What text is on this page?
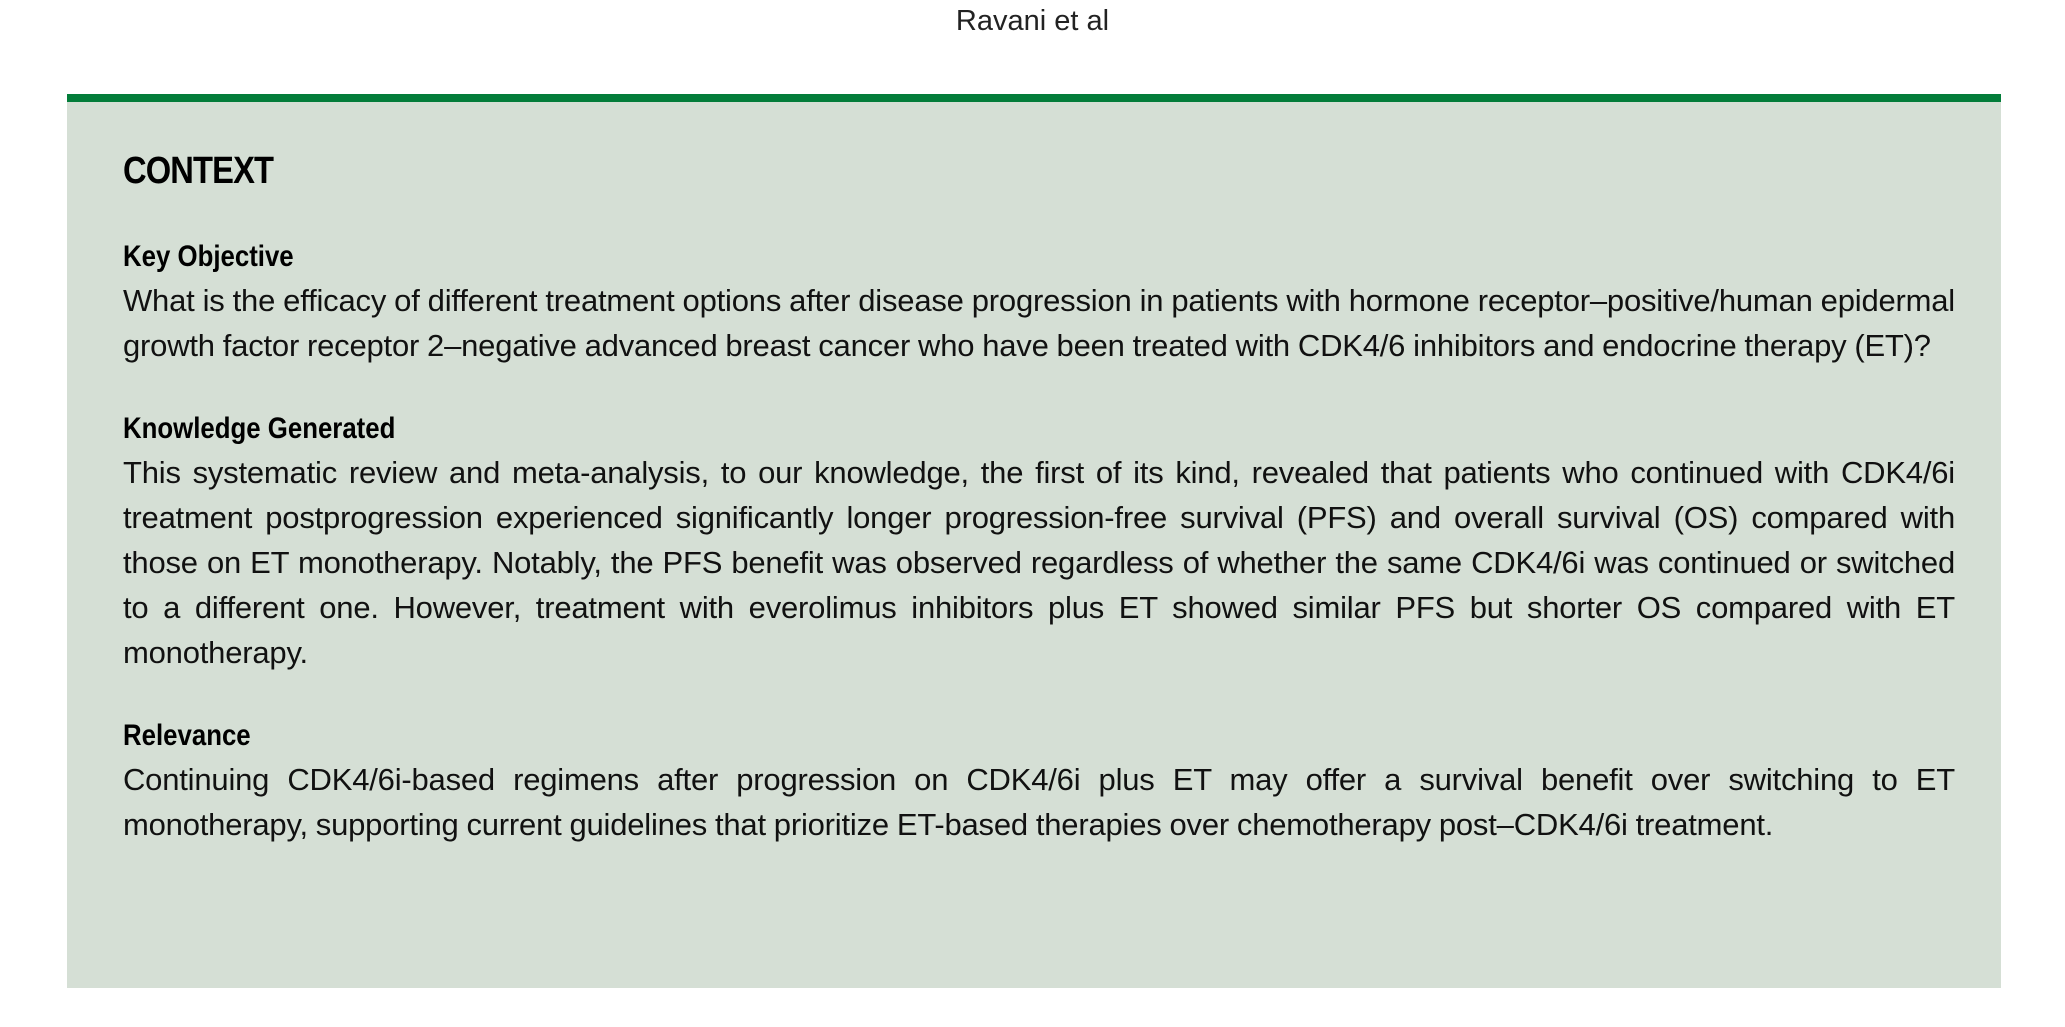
Ravani et al
CONTEXT
Key Objective
What is the efficacy of different treatment options after disease progression in patients with hormone receptor–positive/human epidermal growth factor receptor 2–negative advanced breast cancer who have been treated with CDK4/6 inhibitors and endocrine therapy (ET)?
Knowledge Generated
This systematic review and meta-analysis, to our knowledge, the first of its kind, revealed that patients who continued with CDK4/6i treatment postprogression experienced significantly longer progression-free survival (PFS) and overall survival (OS) compared with those on ET monotherapy. Notably, the PFS benefit was observed regardless of whether the same CDK4/6i was continued or switched to a different one. However, treatment with everolimus inhibitors plus ET showed similar PFS but shorter OS compared with ET monotherapy.
Relevance
Continuing CDK4/6i-based regimens after progression on CDK4/6i plus ET may offer a survival benefit over switching to ET monotherapy, supporting current guidelines that prioritize ET-based therapies over chemotherapy post–CDK4/6i treatment.
